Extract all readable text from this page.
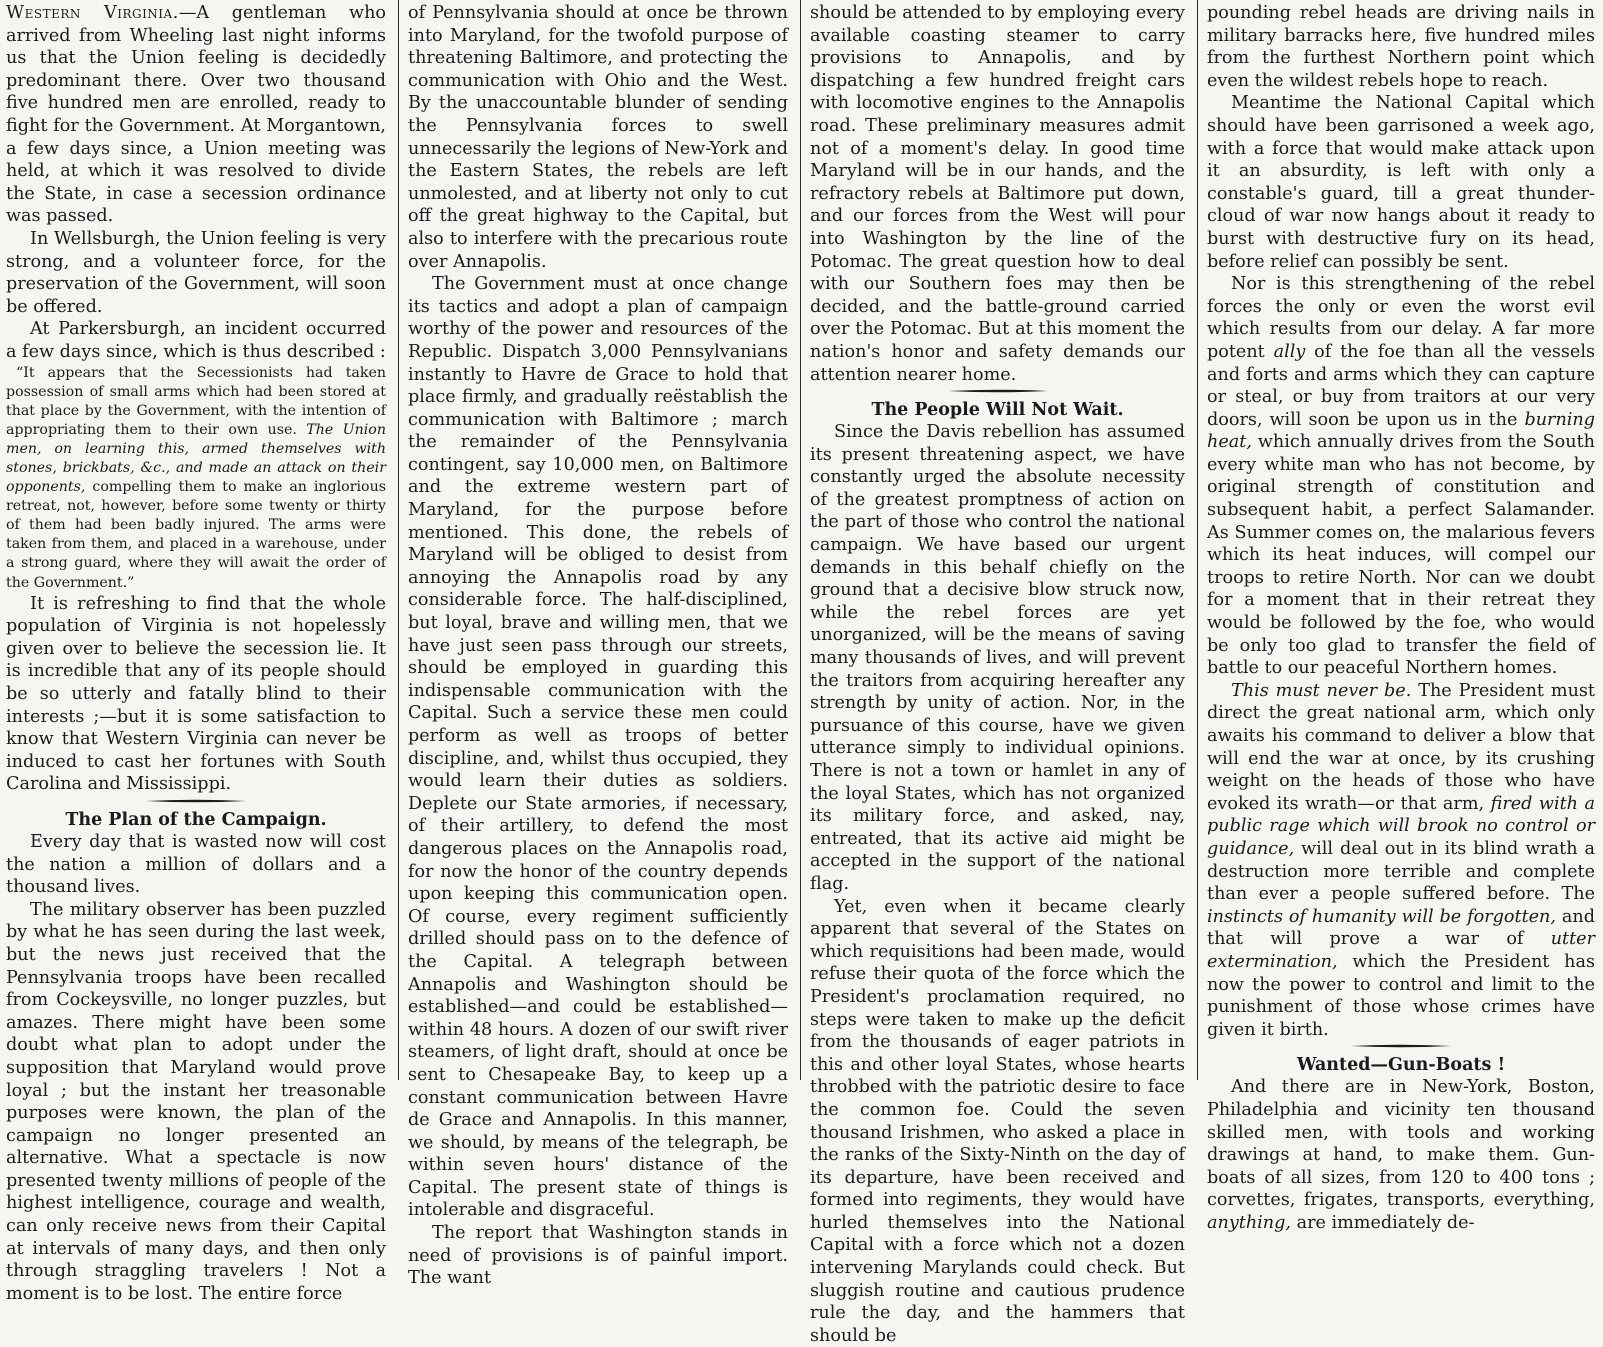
Western Virginia.—A gentleman who arrived from Wheeling last night informs us that the Union feeling is decidedly predominant there. Over two thousand five hundred men are enrolled, ready to fight for the Government. At Morgantown, a few days since, a Union meeting was held, at which it was resolved to divide the State, in case a secession ordinance was passed.

In Wellsburgh, the Union feeling is very strong, and a volunteer force, for the preservation of the Government, will soon be offered.

At Parkersburgh, an incident occurred a few days since, which is thus described :

“It appears that the Secessionists had taken possession of small arms which had been stored at that place by the Government, with the intention of appropriating them to their own use. The Union men, on learning this, armed themselves with stones, brickbats, &c., and made an attack on their opponents, compelling them to make an inglorious retreat, not, however, before some twenty or thirty of them had been badly injured. The arms were taken from them, and placed in a warehouse, under a strong guard, where they will await the order of the Government.”

It is refreshing to find that the whole population of Virginia is not hopelessly given over to believe the secession lie. It is incredible that any of its people should be so utterly and fatally blind to their interests ;—but it is some satisfaction to know that Western Virginia can never be induced to cast her fortunes with South Carolina and Mississippi.

The Plan of the Campaign.

Every day that is wasted now will cost the nation a million of dollars and a thousand lives.

The military observer has been puzzled by what he has seen during the last week, but the news just received that the Pennsylvania troops have been recalled from Cockeysville, no longer puzzles, but amazes. There might have been some doubt what plan to adopt under the supposition that Maryland would prove loyal ; but the instant her treasonable purposes were known, the plan of the campaign no longer presented an alternative. What a spectacle is now presented twenty millions of people of the highest intelligence, courage and wealth, can only receive news from their Capital at intervals of many days, and then only through straggling travelers ! Not a moment is to be lost. The entire force

of Pennsylvania should at once be thrown into Maryland, for the twofold purpose of threatening Baltimore, and protecting the communication with Ohio and the West. By the unaccountable blunder of sending the Pennsylvania forces to swell unnecessarily the legions of New-York and the Eastern States, the rebels are left unmolested, and at liberty not only to cut off the great highway to the Capital, but also to interfere with the precarious route over Annapolis.

The Government must at once change its tactics and adopt a plan of campaign worthy of the power and resources of the Republic. Dispatch 3,000 Pennsylvanians instantly to Havre de Grace to hold that place firmly, and gradually reëstablish the communication with Baltimore ; march the remainder of the Pennsylvania contingent, say 10,000 men, on Baltimore and the extreme western part of Maryland, for the purpose before mentioned. This done, the rebels of Maryland will be obliged to desist from annoying the Annapolis road by any considerable force. The half-disciplined, but loyal, brave and willing men, that we have just seen pass through our streets, should be employed in guarding this indispensable communication with the Capital. Such a service these men could perform as well as troops of better discipline, and, whilst thus occupied, they would learn their duties as soldiers. Deplete our State armories, if necessary, of their artillery, to defend the most dangerous places on the Annapolis road, for now the honor of the country depends upon keeping this communication open. Of course, every regiment sufficiently drilled should pass on to the defence of the Capital. A telegraph between Annapolis and Washington should be established—and could be established—within 48 hours. A dozen of our swift river steamers, of light draft, should at once be sent to Chesapeake Bay, to keep up a constant communication between Havre de Grace and Annapolis. In this manner, we should, by means of the telegraph, be within seven hours' distance of the Capital. The present state of things is intolerable and disgraceful.

The report that Washington stands in need of provisions is of painful import. The want

should be attended to by employing every available coasting steamer to carry provisions to Annapolis, and by dispatching a few hundred freight cars with locomotive engines to the Annapolis road. These preliminary measures admit not of a moment's delay. In good time Maryland will be in our hands, and the refractory rebels at Baltimore put down, and our forces from the West will pour into Washington by the line of the Potomac. The great question how to deal with our Southern foes may then be decided, and the battle-ground carried over the Potomac. But at this moment the nation's honor and safety demands our attention nearer home.

The People Will Not Wait.

Since the Davis rebellion has assumed its present threatening aspect, we have constantly urged the absolute necessity of the greatest promptness of action on the part of those who control the national campaign. We have based our urgent demands in this behalf chiefly on the ground that a decisive blow struck now, while the rebel forces are yet unorganized, will be the means of saving many thousands of lives, and will prevent the traitors from acquiring hereafter any strength by unity of action. Nor, in the pursuance of this course, have we given utterance simply to individual opinions. There is not a town or hamlet in any of the loyal States, which has not organized its military force, and asked, nay, entreated, that its active aid might be accepted in the support of the national flag.

Yet, even when it became clearly apparent that several of the States on which requisitions had been made, would refuse their quota of the force which the President's proclamation required, no steps were taken to make up the deficit from the thousands of eager patriots in this and other loyal States, whose hearts throbbed with the patriotic desire to face the common foe. Could the seven thousand Irishmen, who asked a place in the ranks of the Sixty-Ninth on the day of its departure, have been received and formed into regiments, they would have hurled themselves into the National Capital with a force which not a dozen intervening Marylands could check. But sluggish routine and cautious prudence rule the day, and the hammers that should be

pounding rebel heads are driving nails in military barracks here, five hundred miles from the furthest Northern point which even the wildest rebels hope to reach.

Meantime the National Capital which should have been garrisoned a week ago, with a force that would make attack upon it an absurdity, is left with only a constable's guard, till a great thunder-cloud of war now hangs about it ready to burst with destructive fury on its head, before relief can possibly be sent.

Nor is this strengthening of the rebel forces the only or even the worst evil which results from our delay. A far more potent ally of the foe than all the vessels and forts and arms which they can capture or steal, or buy from traitors at our very doors, will soon be upon us in the burning heat, which annually drives from the South every white man who has not become, by original strength of constitution and subsequent habit, a perfect Salamander. As Summer comes on, the malarious fevers which its heat induces, will compel our troops to retire North. Nor can we doubt for a moment that in their retreat they would be followed by the foe, who would be only too glad to transfer the field of battle to our peaceful Northern homes.

This must never be. The President must direct the great national arm, which only awaits his command to deliver a blow that will end the war at once, by its crushing weight on the heads of those who have evoked its wrath—or that arm, fired with a public rage which will brook no control or guidance, will deal out in its blind wrath a destruction more terrible and complete than ever a people suffered before. The instincts of humanity will be forgotten, and that will prove a war of utter extermination, which the President has now the power to control and limit to the punishment of those whose crimes have given it birth.

Wanted—Gun-Boats !

And there are in New-York, Boston, Philadelphia and vicinity ten thousand skilled men, with tools and working drawings at hand, to make them. Gun-boats of all sizes, from 120 to 400 tons ; corvettes, frigates, transports, everything, anything, are immediately de-
